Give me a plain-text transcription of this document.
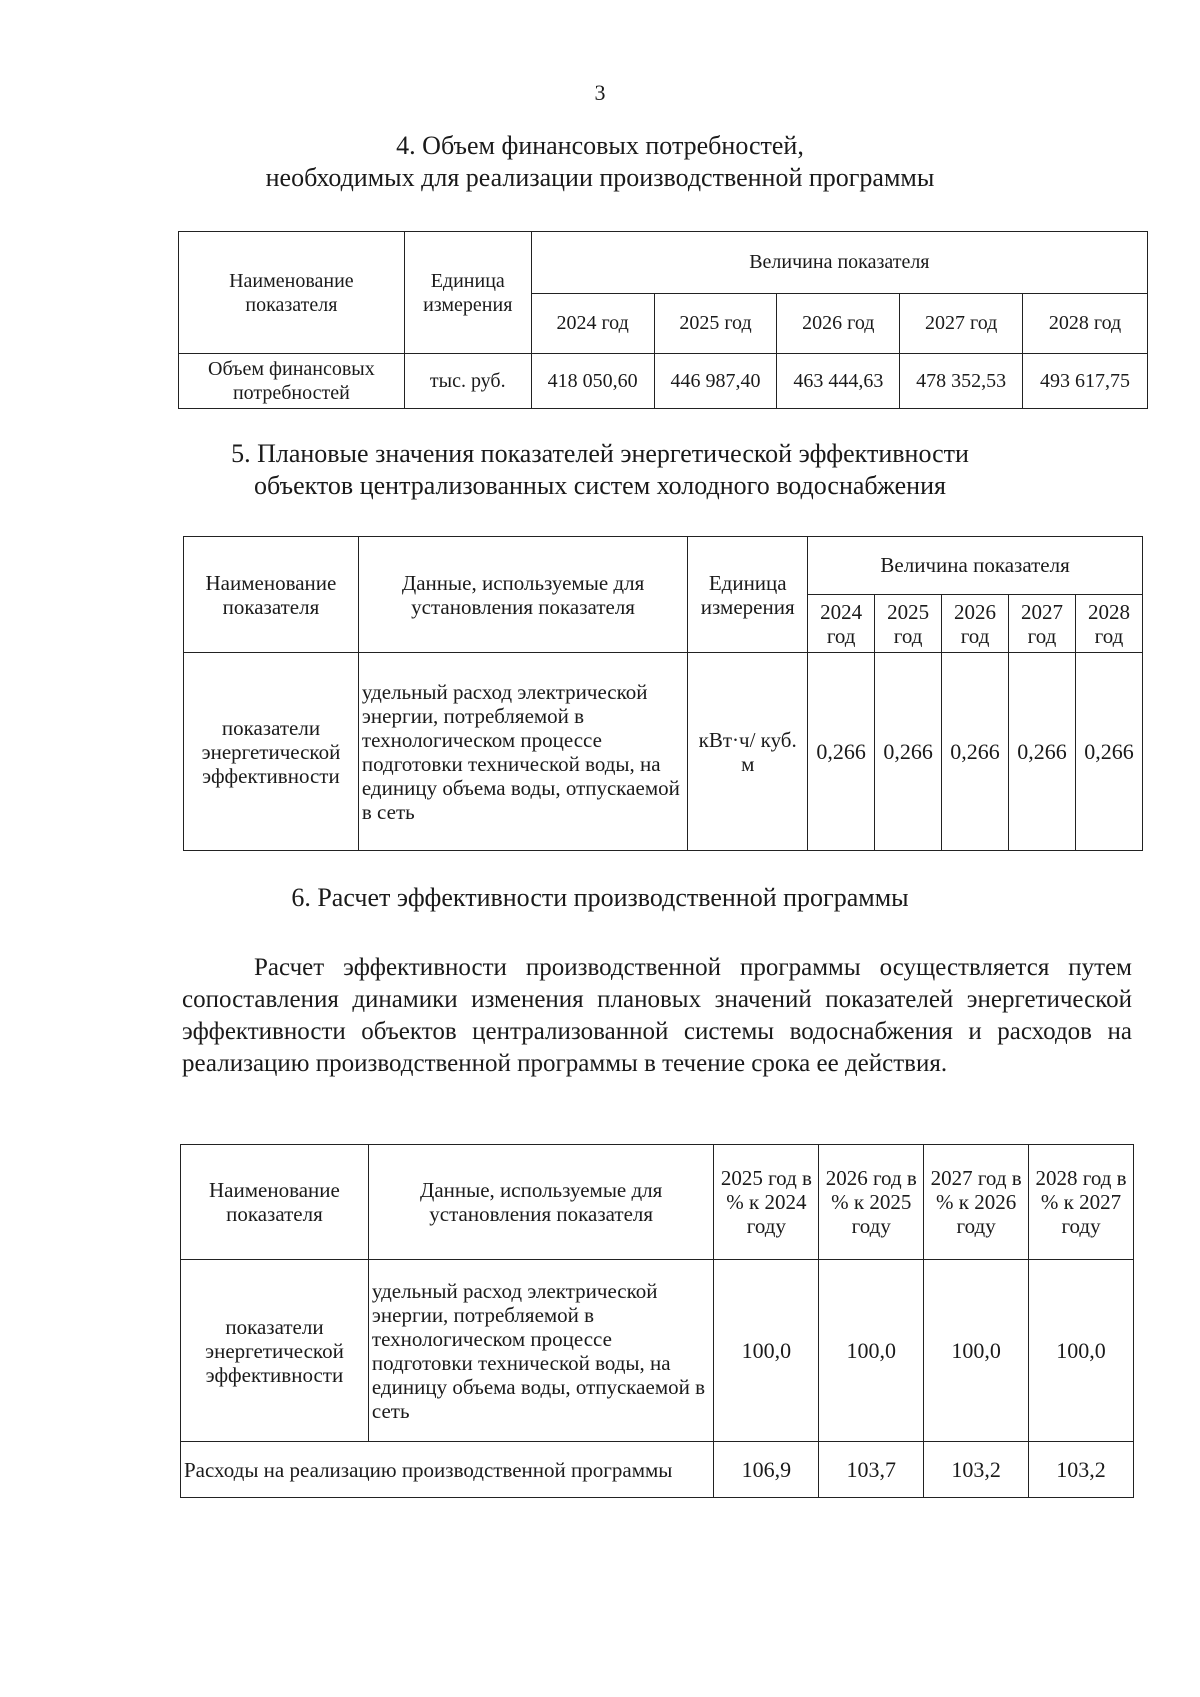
3
4. Объем финансовых потребностей,
необходимых для реализации производственной программы
Наименование показателя	Единица измерения	Величина показателя				
		2024 год	2025 год	2026 год	2027 год	2028 год
Объем финансовых потребностей	тыс. руб.	418 050,60	446 987,40	463 444,63	478 352,53	493 617,75
5. Плановые значения показателей энергетической эффективности
объектов централизованных систем холодного водоснабжения
Наименование показателя	Данные, используемые для установления показателя	Единица измерения	Величина показателя				
			2024 год	2025 год	2026 год	2027 год	2028 год
показатели энергетической эффективности	удельный расход электрической энергии, потребляемой в технологическом процессе подготовки технической воды, на единицу объема воды, отпускаемой в сеть	кВт·ч/ куб. м	0,266	0,266	0,266	0,266	0,266
6. Расчет эффективности производственной программы
Расчет эффективности производственной программы осуществляется путем сопоставления динамики изменения плановых значений показателей энергетической эффективности объектов централизованной системы водоснабжения и расходов на реализацию производственной программы в течение срока ее действия.
Наименование показателя	Данные, используемые для установления показателя	2025 год в % к 2024 году	2026 год в % к 2025 году	2027 год в % к 2026 году	2028 год в % к 2027 году
показатели энергетической эффективности	удельный расход электрической энергии, потребляемой в технологическом процессе подготовки технической воды, на единицу объема воды, отпускаемой в сеть	100,0	100,0	100,0	100,0
Расходы на реализацию производственной программы		106,9	103,7	103,2	103,2
